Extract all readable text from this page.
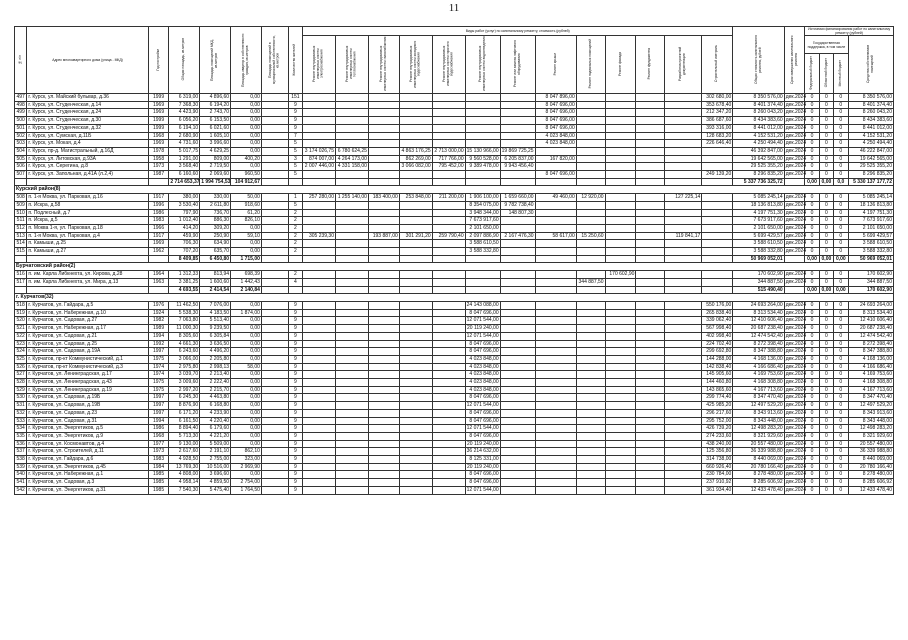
11
№ п/п	Адрес многоквартирного дома (улица - МКД)	Год постройки	Общая площадь, кв.метров	Площадь помещений МКД, кв.метров	Площадь квартир в собственности граждан, кв.метров	Площадь помещений в муниципальной собственности, кв.метров	Количество жителей	Виды работ (услуг) по капитальному ремонту, стоимость (рублей)													Общая стоимость капитального ремонта, рублей	Срок завершения капитального ремонта	Источники финансирования работ по капитальному ремонту (рублей)			
								Ремонт внутридомовых инженерных систем электроснабжения	Ремонт внутридомовых инженерных систем теплоснабжения	Ремонт внутридомовых инженерных систем газоснабжения	Ремонт внутридомовых инженерных систем холодного водоснабжения	Ремонт внутридомовых инженерных систем горячего водоснабжения	Ремонт внутридомовых инженерных систем водоотведения	Ремонт или замена лифтового оборудования	Ремонт крыши	Ремонт подвальных помещений	Ремонт фасада	Ремонт фундамента	Разработка проектной документации	Строительный контроль			Государственная поддержка, в том числе			Средства собственников помещений
																							Федеральный бюджет	Областной бюджет	Местный бюджет	
497	г. Курск, ул. Майский бульвар, д.36	1999	6 319,00	4 896,60	0,00		151								8 047 896,00					302 680,00	8 350 576,00	дек.2024	0	0	0	8 350 576,00
498	г. Курск, ул. Студенческая, д.14	1969	7 368,30	6 194,20	0,00		9								8 047 696,00					353 678,40	8 401 374,40	дек.2024	0	0	0	8 401 374,40
499	г. Курск, ул. Студенческая, д.24	1969	4 423,90	2 743,70	0,00		9								8 047 696,00					212 347,20	8 260 043,20	дек.2024	0	0	0	8 260 043,20
500	г. Курск, ул. Студенческая, д.30	1999	6 056,20	6 153,50	0,00		9								8 047 696,00					386 687,60	8 434 383,60	дек.2024	0	0	0	8 434 383,60
501	г. Курск, ул. Студенческая, д.32	1999	6 194,10	6 021,60	0,00		9								8 047 696,00					393 316,00	8 441 012,00	дек.2024	0	0	0	8 441 012,00
502	г. Курск, ул. Сумская, д.11Б	1968	2 680,90	1 605,10	0,00		7								4 023 848,00					128 683,20	4 152 531,20	дек.2024	0	0	0	4 152 531,20
503	г. Курск, ул. Мокая, д.4	1969	4 731,60	3 996,60	0,00		5								4 023 848,00					226 646,40	4 250 494,40	дек.2024	0	0	0	4 250 494,40
504	г. Курск, пр-д. Магистральный, д.16Д	1978	5 017,75	4 629,25	0,00		5	3 174 026,75	6 780 624,25		4 863 176,25	2 713 000,00	15 130 966,00	19 869 725,25							46 392 847,00	дек.2024	0	0	0	46 222 847,00
505	г. Курск, ул. Литовская, д.93А	1958	1 291,00	809,00	400,20		3	874 007,00	4 264 173,00		862 269,00	717 766,00	9 560 528,00	6 205 837,00	167 820,00						19 642 565,00	дек.2024	0	0	0	19 642 565,00
506	г. Курск, ул. Серегина, д.8	1973	3 568,40	2 719,50	0,00		5	2 007 446,00	4 331 158,00		3 066 082,00	795 452,00	9 389 478,00	9 943 456,40							29 525 355,20	дек.2024	0	0	0	29 525 355,20
507	г. Курск, ул. Запольная, д.41А (л.2,4)	1987	6 160,60	2 069,60	960,50		5								8 047 696,00					249 139,20	8 296 835,20	дек.2024	0	0	0	8 296 835,20
			2 714 653,37	1 994 754,53	104 912,67																5 337 736 325,72		0,00	0,00	0,0	5 330 137 177,72
Курский район(8)																										
508	п. 1-я Моква, ул. Парковая, д.16	1917	380,00	330,00	50,00		1	257 280,00	1 255 140,00	183 400,00	253 848,00	211 200,00	1 906 100,00	1 659 660,00	49 460,00	12 920,00			127 225,14		5 085 245,14	дек.2024	0	0	0	5 085 245,14
509	п. Искра, д.58	1996	3 530,40	2 611,80	918,60		5						8 354 075,00	9 782 738,40							18 136 813,80	дек.2024	0	0	0	18 136 813,80
510	п. Подлесный, д.7	1986	797,90	736,70	61,20		2						3 948 344,00	148 807,30							4 197 751,30	дек.2024	0	0	0	4 197 751,30
511	п. Искра, д.5	1983	1 012,40	886,30	826,10		2						7 673 917,60								7 673 917,60	дек.2024	0	0	0	7 673 917,60
512	п. Моква 1-я, ул. Парковая, д.18	1966	414,20	309,20	0,00		2						2 101 650,00								2 101 650,00	дек.2024	0	0	0	2 101 650,00
513	п. 1-я Моква, ул. Парковая, д.4	1917	459,90	250,90	59,10		2	305 239,30		193 887,00	301 291,20	259 790,40	2 097 886,90	2 167 476,30	58 617,00	15 250,60			119 841,17		5 699 429,57	дек.2024	0	0	0	5 699 429,57
514	п. Камыши, д.25	1969	706,30	634,90	0,00		2						3 588 610,50								3 588 610,50	дек.2024	0	0	0	3 588 610,50
515	п. Камыши, д.27	1962	707,20	635,70	0,00		2						3 588 332,80								3 588 332,80	дек.2024	0	0	0	3 588 332,80
			8 409,85	6 450,80	1 715,00																50 969 052,01		0,00	0,00	0,00	50 969 052,01
Бурчатовский район(2)																										
516	п. им. Карла Либкнехта, ул. Кирова, д.28	1964	1 312,33	813,94	698,39		2										170 602,90				170 602,90	дек.2024	0	0	0	170 602,90
517	п. им. Карла Либкнехта, ул. Мира, д.13	1963	3 381,25	1 600,60	1 442,43		4									344 887,50					344 887,50	дек.2024	0	0	0	344 887,50
			4 693,55	2 414,54	2 140,84																515 490,40		0,00	0,00	0,00	170 602,90
г. Курчатов(32)																										
518	г. Курчатов, ул. Гайдара, д.5	1976	11 462,50	7 076,00	0,00		9						24 143 088,00							550 176,00	24 693 264,00	дек.2024	0	0	0	24 693 264,00
519	г. Курчатов, ул. Набережная, д.10	1924	5 538,30	4 183,50	1 874,00		9						8 047 696,00							265 838,40	8 313 534,40	дек.2024	0	0	0	8 313 534,40
520	г. Курчатов, ул. Садовая, д.27	1982	7 063,80	5 513,40	0,00		9						12 071 544,00							339 062,40	12 410 606,40	дек.2024	0	0	0	12 410 606,40
521	г. Курчатов, ул. Набережная, д.17	1989	11 000,30	9 239,50	0,00		9						20 119 240,00							567 998,40	20 687 238,40	дек.2024	0	0	0	20 687 238,40
522	г. Курчатов, ул. Садовая, д.21	1994	8 305,60	6 305,84	0,00		9						12 071 544,00							402 998,40	12 474 542,40	дек.2024	0	0	0	12 474 542,40
523	г. Курчатов, ул. Садовая, д.25	1992	4 661,30	3 636,50	0,00		9						8 047 696,00							224 702,40	8 272 398,40	дек.2024	0	0	0	8 272 398,40
524	г. Курчатов, ул. Садовая, д.19А	1997	6 243,60	4 496,20	0,00		9						8 047 696,00							299 692,80	8 347 388,80	дек.2024	0	0	0	8 347 388,80
525	г. Курчатов, пр-кт Коммунистический, д.1	1975	3 066,00	2 205,80	0,00		9						4 023 848,00							144 288,00	4 168 136,00	дек.2024	0	0	0	4 168 136,00
526	г. Курчатов, пр-кт Коммунистический, д.3	1974	2 975,80	2 998,13	58,00		9						4 023 848,00							142 838,40	4 166 686,40	дек.2024	0	0	0	4 166 686,40
527	г. Курчатов, ул. Ленинградская, д.17	1974	3 039,70	2 213,40	0,00		9						4 023 848,00							145 905,60	4 169 753,60	дек.2024	0	0	0	4 169 753,60
528	г. Курчатов, ул. Ленинградская, д.43	1975	3 009,60	2 222,40	0,00		9						4 023 848,00							144 460,80	4 168 308,80	дек.2024	0	0	0	4 168 308,80
529	г. Курчатов, ул. Ленинградская, д.19	1975	2 997,20	2 215,70	0,00		9						4 023 848,00							143 865,60	4 167 713,60	дек.2024	0	0	0	4 167 713,60
530	г. Курчатов, ул. Садовая, д.19Б	1997	6 245,30	4 463,80	0,00		9						8 047 696,00							299 774,40	8 347 470,40	дек.2024	0	0	0	8 347 470,40
531	г. Курчатов, ул. Садовая, д.19В	1997	8 876,90	6 168,80	0,00		9						12 071 544,00							425 985,20	12 497 529,20	дек.2024	0	0	0	12 497 529,20
532	г. Курчатов, ул. Садовая, д.23	1997	6 171,20	4 233,90	0,00		9						8 047 696,00							296 217,60	8 343 913,60	дек.2024	0	0	0	8 343 913,60
533	г. Курчатов, ул. Садовая, д.31	1994	6 161,50	4 220,40	0,00		9						8 047 696,00							295 752,00	8 343 448,00	дек.2024	0	0	0	8 343 448,00
534	г. Курчатов, ул. Энергетиков, д.5	1986	8 894,40	6 179,60	0,00		9						12 071 544,00							426 739,20	12 498 283,20	дек.2024	0	0	0	12 498 283,20
535	г. Курчатов, ул. Энергетиков, д.9	1968	5 713,30	4 221,20	0,00		9						8 047 696,00							274 233,60	8 321 929,60	дек.2024	0	0	0	8 321 929,60
536	г. Курчатов, ул. Космонавтов, д.4	1977	9 130,00	5 509,00	0,00		9						20 119 240,00							438 240,00	20 557 480,00	дек.2024	0	0	0	20 557 480,00
537	г. Курчатов, ул. Строителей, д.11	1973	2 617,60	2 191,10	862,10		9						36 214 632,00							125 356,80	36 339 988,80	дек.2024	0	0	0	36 339 988,80
538	г. Курчатов, ул. Гайдара, д.6	1983	4 928,50	2 755,00	323,00		9						8 125 331,00							314 738,00	8 440 069,00	дек.2024	0	0	0	8 440 069,00
539	г. Курчатов, ул. Энергетиков, д.45	1984	13 769,30	10 516,00	2 969,90		9						20 119 240,00							660 926,40	20 780 166,40	дек.2024	0	0	0	20 780 166,40
540	г. Курчатов, ул. Набережная, д.1	1985	4 808,00	3 696,60	0,00		9						8 047 696,00							230 784,00	8 278 480,00	дек.2024	0	0	0	8 278 480,00
541	г. Курчатов, ул. Садовая, д.3	1985	4 958,14	4 859,50	2 754,00		9						8 047 696,00							237 910,92	8 285 606,92	дек.2024	0	0	0	8 285 606,92
542	г. Курчатов, ул. Энергетиков, д.31	1985	7 540,30	5 475,40	1 764,50		9						12 071 544,00							361 934,40	12 433 478,40	дек.2024	0	0	0	12 433 478,40
